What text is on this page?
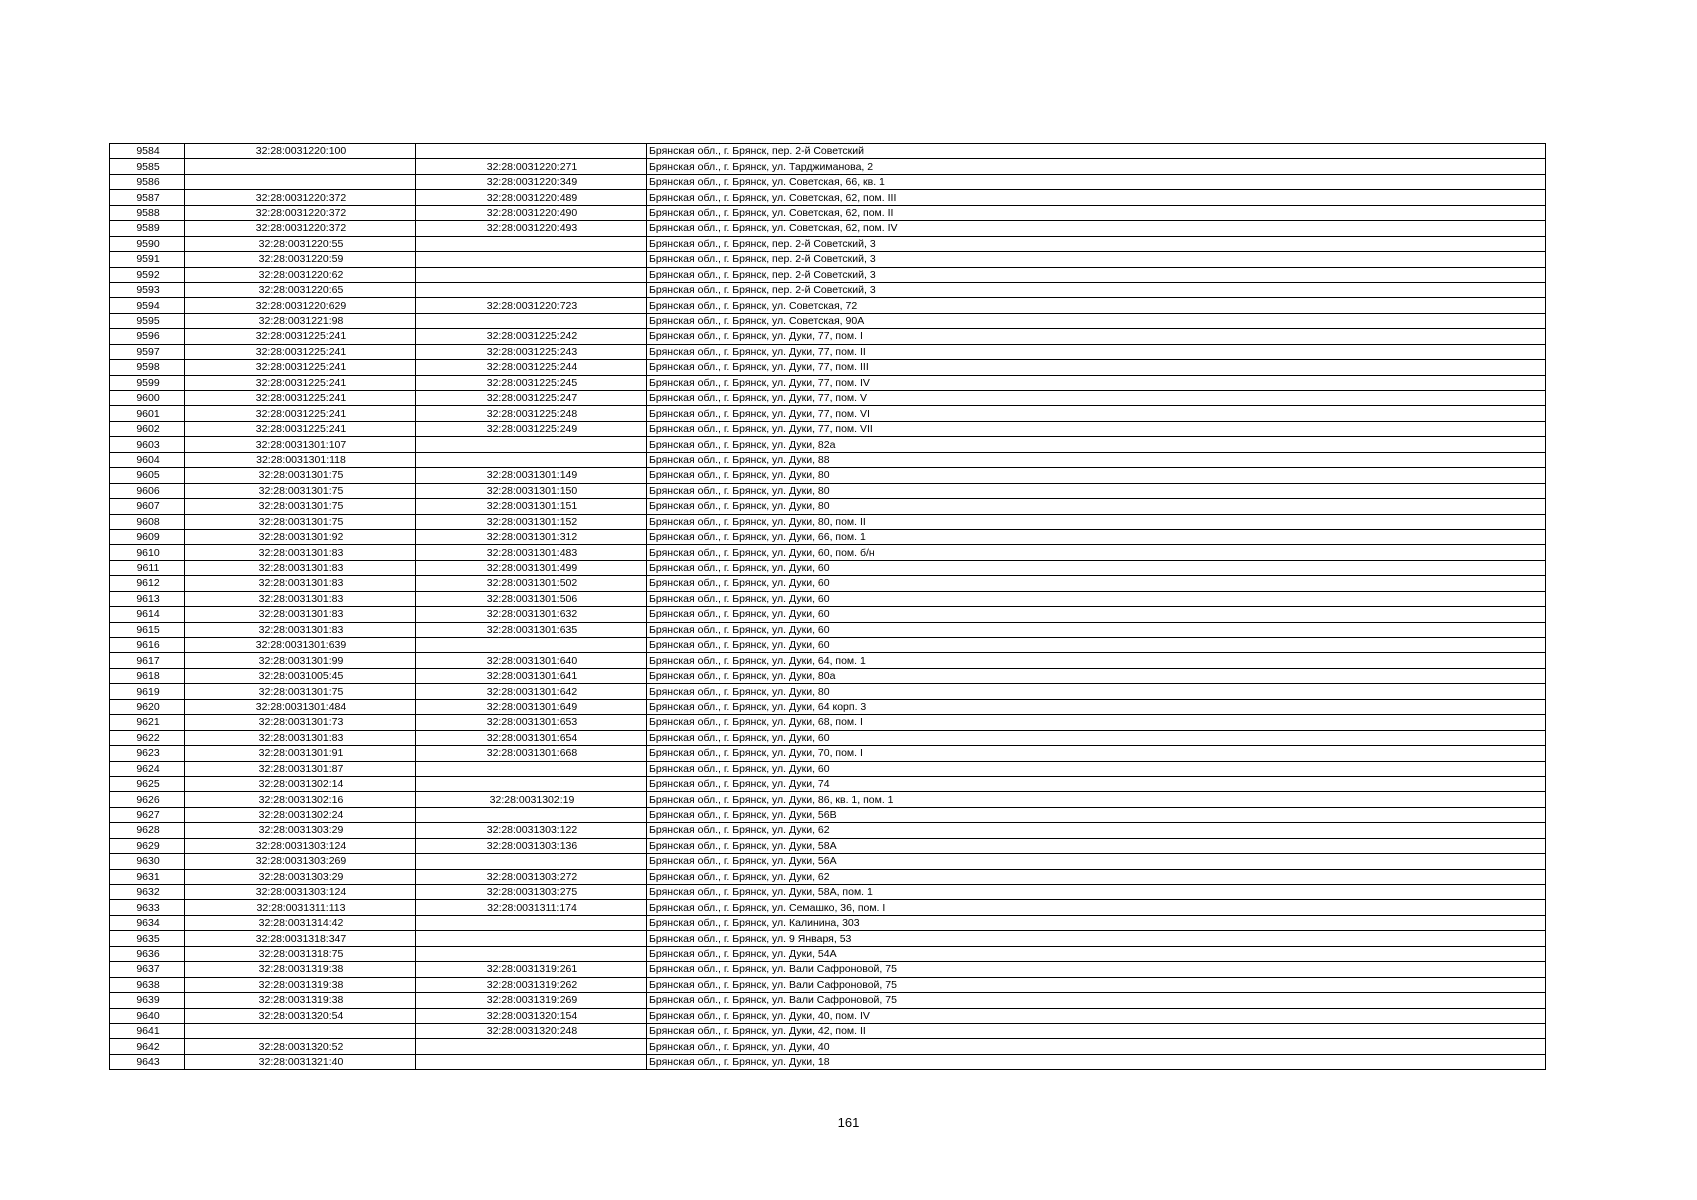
9584	32:28:0031220:100		Брянская обл., г. Брянск, пер. 2-й Советский
9585		32:28:0031220:271	Брянская обл., г. Брянск, ул. Тарджиманова, 2
9586		32:28:0031220:349	Брянская обл., г. Брянск, ул. Советская, 66, кв. 1
9587	32:28:0031220:372	32:28:0031220:489	Брянская обл., г. Брянск, ул. Советская, 62, пом. III
9588	32:28:0031220:372	32:28:0031220:490	Брянская обл., г. Брянск, ул. Советская, 62, пом. II
9589	32:28:0031220:372	32:28:0031220:493	Брянская обл., г. Брянск, ул. Советская, 62, пом. IV
9590	32:28:0031220:55		Брянская обл., г. Брянск, пер. 2-й Советский, 3
9591	32:28:0031220:59		Брянская обл., г. Брянск, пер. 2-й Советский, 3
9592	32:28:0031220:62		Брянская обл., г. Брянск, пер. 2-й Советский, 3
9593	32:28:0031220:65		Брянская обл., г. Брянск, пер. 2-й Советский, 3
9594	32:28:0031220:629	32:28:0031220:723	Брянская обл., г. Брянск, ул. Советская, 72
9595	32:28:0031221:98		Брянская обл., г. Брянск, ул. Советская, 90А
9596	32:28:0031225:241	32:28:0031225:242	Брянская обл., г. Брянск, ул. Дуки, 77, пом. I
9597	32:28:0031225:241	32:28:0031225:243	Брянская обл., г. Брянск, ул. Дуки, 77, пом. II
9598	32:28:0031225:241	32:28:0031225:244	Брянская обл., г. Брянск, ул. Дуки, 77, пом. III
9599	32:28:0031225:241	32:28:0031225:245	Брянская обл., г. Брянск, ул. Дуки, 77, пом. IV
9600	32:28:0031225:241	32:28:0031225:247	Брянская обл., г. Брянск, ул. Дуки, 77, пом. V
9601	32:28:0031225:241	32:28:0031225:248	Брянская обл., г. Брянск, ул. Дуки, 77, пом. VI
9602	32:28:0031225:241	32:28:0031225:249	Брянская обл., г. Брянск, ул. Дуки, 77, пом. VII
9603	32:28:0031301:107		Брянская обл., г. Брянск, ул. Дуки, 82а
9604	32:28:0031301:118		Брянская обл., г. Брянск, ул. Дуки, 88
9605	32:28:0031301:75	32:28:0031301:149	Брянская обл., г. Брянск, ул. Дуки, 80
9606	32:28:0031301:75	32:28:0031301:150	Брянская обл., г. Брянск, ул. Дуки, 80
9607	32:28:0031301:75	32:28:0031301:151	Брянская обл., г. Брянск, ул. Дуки, 80
9608	32:28:0031301:75	32:28:0031301:152	Брянская обл., г. Брянск, ул. Дуки, 80, пом. II
9609	32:28:0031301:92	32:28:0031301:312	Брянская обл., г. Брянск, ул. Дуки, 66, пом. 1
9610	32:28:0031301:83	32:28:0031301:483	Брянская обл., г. Брянск, ул. Дуки, 60, пом. б/н
9611	32:28:0031301:83	32:28:0031301:499	Брянская обл., г. Брянск, ул. Дуки, 60
9612	32:28:0031301:83	32:28:0031301:502	Брянская обл., г. Брянск, ул. Дуки, 60
9613	32:28:0031301:83	32:28:0031301:506	Брянская обл., г. Брянск, ул. Дуки, 60
9614	32:28:0031301:83	32:28:0031301:632	Брянская обл., г. Брянск, ул. Дуки, 60
9615	32:28:0031301:83	32:28:0031301:635	Брянская обл., г. Брянск, ул. Дуки, 60
9616	32:28:0031301:639		Брянская обл., г. Брянск, ул. Дуки, 60
9617	32:28:0031301:99	32:28:0031301:640	Брянская обл., г. Брянск, ул. Дуки, 64, пом. 1
9618	32:28:0031005:45	32:28:0031301:641	Брянская обл., г. Брянск, ул. Дуки, 80а
9619	32:28:0031301:75	32:28:0031301:642	Брянская обл., г. Брянск, ул. Дуки, 80
9620	32:28:0031301:484	32:28:0031301:649	Брянская обл., г. Брянск, ул. Дуки, 64 корп. 3
9621	32:28:0031301:73	32:28:0031301:653	Брянская обл., г. Брянск, ул. Дуки, 68, пом. I
9622	32:28:0031301:83	32:28:0031301:654	Брянская обл., г. Брянск, ул. Дуки, 60
9623	32:28:0031301:91	32:28:0031301:668	Брянская обл., г. Брянск, ул. Дуки, 70, пом. I
9624	32:28:0031301:87		Брянская обл., г. Брянск, ул. Дуки, 60
9625	32:28:0031302:14		Брянская обл., г. Брянск, ул. Дуки, 74
9626	32:28:0031302:16	32:28:0031302:19	Брянская обл., г. Брянск, ул. Дуки, 86, кв. 1, пом. 1
9627	32:28:0031302:24		Брянская обл., г. Брянск, ул. Дуки, 56В
9628	32:28:0031303:29	32:28:0031303:122	Брянская обл., г. Брянск, ул. Дуки, 62
9629	32:28:0031303:124	32:28:0031303:136	Брянская обл., г. Брянск, ул. Дуки, 58А
9630	32:28:0031303:269		Брянская обл., г. Брянск, ул. Дуки, 56А
9631	32:28:0031303:29	32:28:0031303:272	Брянская обл., г. Брянск, ул. Дуки, 62
9632	32:28:0031303:124	32:28:0031303:275	Брянская обл., г. Брянск, ул. Дуки, 58А, пом. 1
9633	32:28:0031311:113	32:28:0031311:174	Брянская обл., г. Брянск, ул. Семашко, 36, пом. I
9634	32:28:0031314:42		Брянская обл., г. Брянск, ул. Калинина, 303
9635	32:28:0031318:347		Брянская обл., г. Брянск, ул. 9 Января, 53
9636	32:28:0031318:75		Брянская обл., г. Брянск, ул. Дуки, 54А
9637	32:28:0031319:38	32:28:0031319:261	Брянская обл., г. Брянск, ул. Вали Сафроновой, 75
9638	32:28:0031319:38	32:28:0031319:262	Брянская обл., г. Брянск, ул. Вали Сафроновой, 75
9639	32:28:0031319:38	32:28:0031319:269	Брянская обл., г. Брянск, ул. Вали Сафроновой, 75
9640	32:28:0031320:54	32:28:0031320:154	Брянская обл., г. Брянск, ул. Дуки, 40, пом. IV
9641		32:28:0031320:248	Брянская обл., г. Брянск, ул. Дуки, 42, пом. II
9642	32:28:0031320:52		Брянская обл., г. Брянск, ул. Дуки, 40
9643	32:28:0031321:40		Брянская обл., г. Брянск, ул. Дуки, 18
161
